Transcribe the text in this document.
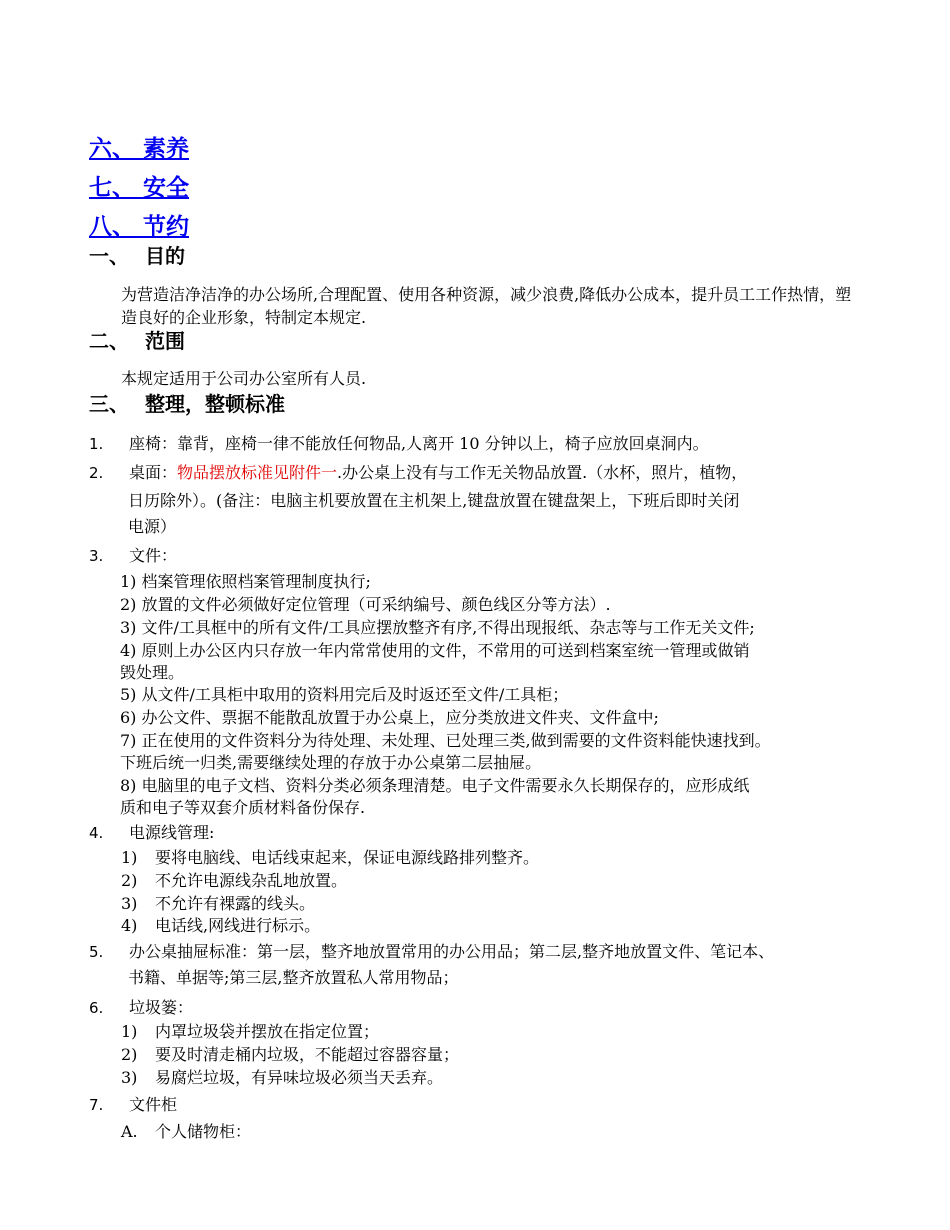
六、 素养
七、 安全
八、 节约
一、 目的
为营造洁净洁净的办公场所,合理配置、使用各种资源，减少浪费,降低办公成本，提升员工工作热情，塑造良好的企业形象，特制定本规定.
二、 范围
本规定适用于公司办公室所有人员.
三、 整理，整顿标准
1. 座椅：靠背，座椅一律不能放任何物品,人离开 10 分钟以上，椅子应放回桌洞内。
2. 桌面：物品摆放标准见附件一.办公桌上没有与工作无关物品放置.（水杯，照片，植物，
日历除外）。(备注：电脑主机要放置在主机架上,键盘放置在键盘架上，下班后即时关闭
电源）
3. 文件：
1) 档案管理依照档案管理制度执行;
2) 放置的文件必须做好定位管理（可采纳编号、颜色线区分等方法）.
3) 文件/工具框中的所有文件/工具应摆放整齐有序,不得出现报纸、杂志等与工作无关文件;
4) 原则上办公区内只存放一年内常常使用的文件，不常用的可送到档案室统一管理或做销
毁处理。
5) 从文件/工具柜中取用的资料用完后及时返还至文件/工具柜；
6) 办公文件、票据不能散乱放置于办公桌上，应分类放进文件夹、文件盒中;
7) 正在使用的文件资料分为待处理、未处理、已处理三类,做到需要的文件资料能快速找到。
下班后统一归类,需要继续处理的存放于办公桌第二层抽屉。
8) 电脑里的电子文档、资料分类必须条理清楚。电子文件需要永久长期保存的，应形成纸
质和电子等双套介质材料备份保存.
4. 电源线管理:
1) 要将电脑线、电话线束起来，保证电源线路排列整齐。
2) 不允许电源线杂乱地放置。
3) 不允许有裸露的线头。
4) 电话线,网线进行标示。
5. 办公桌抽屉标准：第一层，整齐地放置常用的办公用品；第二层,整齐地放置文件、笔记本、
书籍、单据等;第三层,整齐放置私人常用物品；
6. 垃圾篓：
1) 内罩垃圾袋并摆放在指定位置；
2) 要及时清走桶内垃圾，不能超过容器容量；
3) 易腐烂垃圾，有异味垃圾必须当天丢弃。
7. 文件柜
A. 个人储物柜：
